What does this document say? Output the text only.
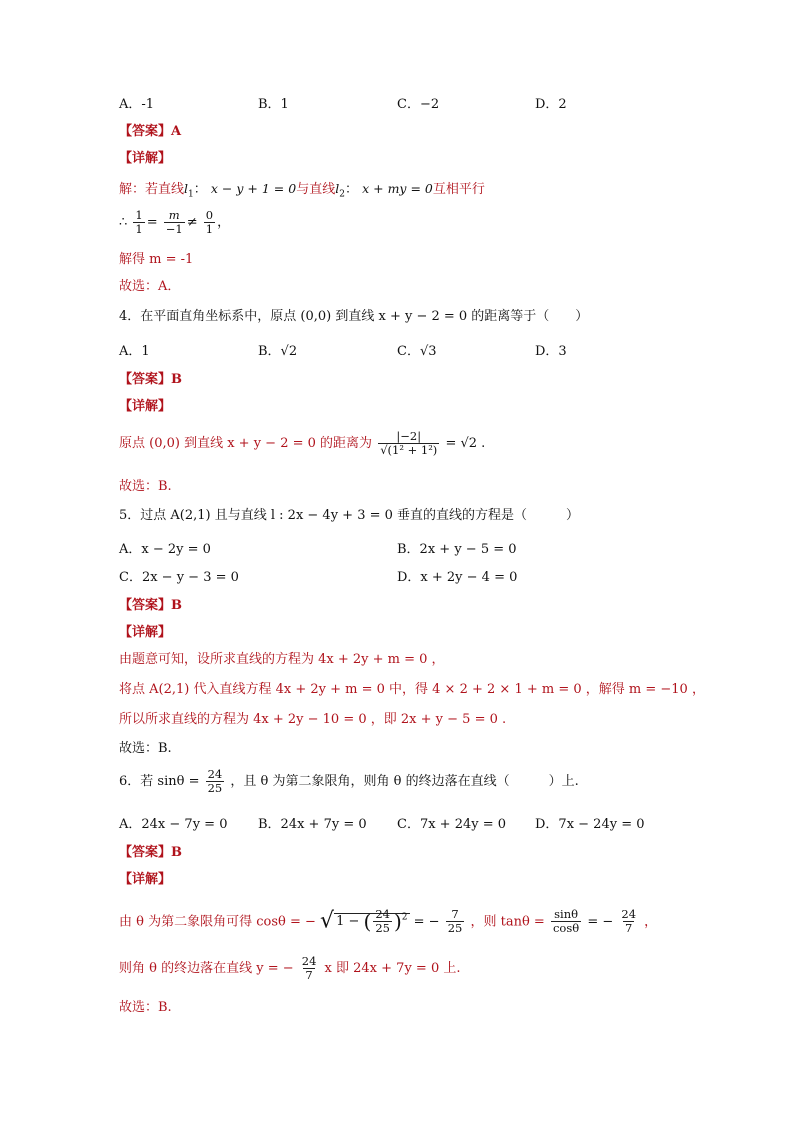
A．-1	B．1	C．−2	D．2
【答案】A
【详解】
解：若直线$l_1$： x − y + 1 = 0与直线$l_2$： x + my = 0互相平行
∴ $\frac{1}{1} = \frac{m}{-1} \ne \frac{0}{1}$ ，
解得 m = -1
故选：A．
4．在平面直角坐标系中，原点 (0,0) 到直线 x + y − 2 = 0 的距离等于（　　）
A．1	B．√2	C．√3	D．3
【答案】B
【详解】
原点 (0,0) 到直线 x + y − 2 = 0 的距离为 $\frac{|-2|}{\text{√(1² + 1²)}} = √2$ .
故选：B.
5．过点 A(2,1) 且与直线 l : 2x − 4y + 3 = 0 垂直的直线的方程是（　　　）
A．x − 2y = 0	B．2x + y − 5 = 0
C．2x − y − 3 = 0	D．x + 2y − 4 = 0
【答案】B
【详解】
由题意可知，设所求直线的方程为 4x + 2y + m = 0 ，
将点 A(2,1) 代入直线方程 4x + 2y + m = 0 中，得 4 × 2 + 2 × 1 + m = 0 ，解得 m = −10 ，
所以所求直线的方程为 4x + 2y − 10 = 0 ，即 2x + y − 5 = 0 .
故选：B.
6．若 $\sin\theta = \frac{24}{25}$ ，且 θ 为第二象限角，则角 θ 的终边落在直线（　　　）上.
A．24x − 7y = 0 B．24x + 7y = 0 C．7x + 24y = 0 D．7x − 24y = 0
【答案】B
【详解】
由 θ 为第二象限角可得 cosθ = − √ 1 − ( $\frac{24}{25} )^2$ = − $\frac{7}{25}$ ，则 $\tan\theta = \frac{\sin\theta}{\cos\theta}$ = − $\frac{24}{7}$ ，
则角 θ 的终边落在直线 y = − $\frac{24}{7}$ x 即 24x + 7y = 0 上.
故选：B.
